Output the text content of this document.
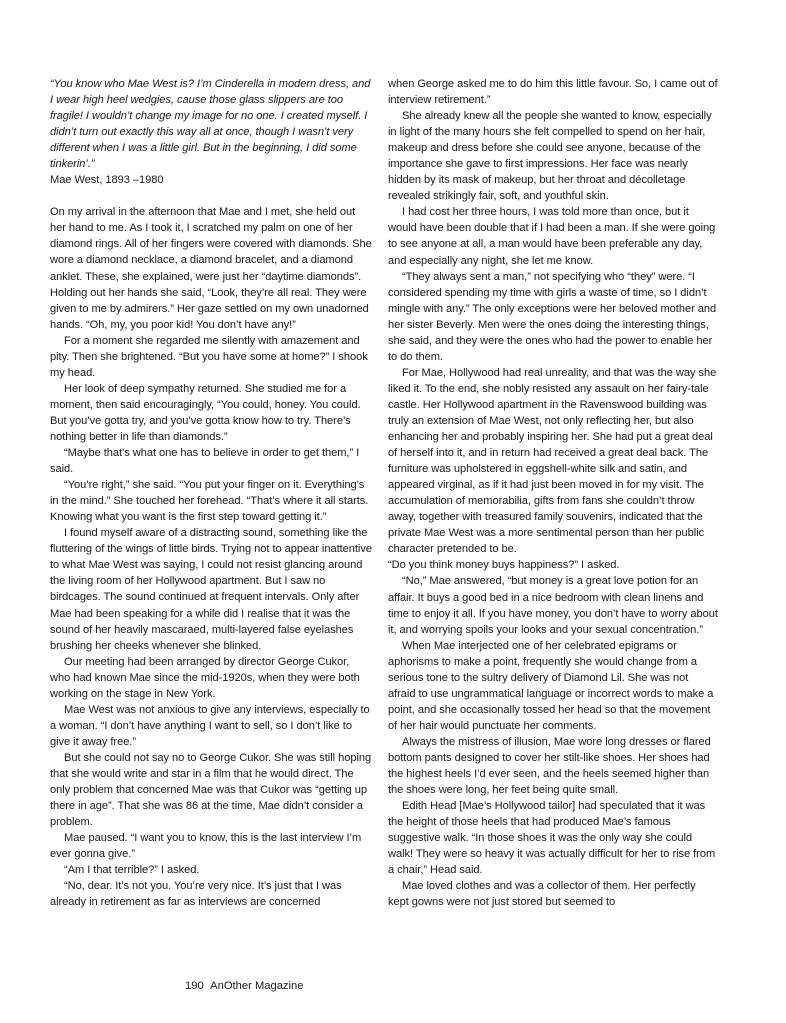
“You know who Mae West is? I’m Cinderella in modern dress, and I wear high heel wedgies, cause those glass slippers are too fragile! I wouldn’t change my image for no one. I created myself. I didn’t turn out exactly this way all at once, though I wasn’t very different when I was a little girl. But in the beginning, I did some tinkerin’.”

Mae West, 1893 –1980

On my arrival in the afternoon that Mae and I met, she held out her hand to me. As I took it, I scratched my palm on one of her diamond rings. All of her fingers were covered with diamonds. She wore a diamond necklace, a diamond bracelet, and a diamond anklet. These, she explained, were just her “daytime diamonds”. Holding out her hands she said, “Look, they’re all real. They were given to me by admirers.” Her gaze settled on my own unadorned hands. “Oh, my, you poor kid! You don’t have any!”

For a moment she regarded me silently with amazement and pity. Then she brightened. “But you have some at home?” I shook my head.

Her look of deep sympathy returned. She studied me for a moment, then said encouragingly, “You could, honey. You could. But you’ve gotta try, and you’ve gotta know how to try. There’s nothing better in life than diamonds.”

“Maybe that’s what one has to believe in order to get them,” I said.

“You’re right,” she said. “You put your finger on it. Everything’s in the mind.” She touched her forehead. “That’s where it all starts. Knowing what you want is the first step toward getting it.”

I found myself aware of a distracting sound, something like the fluttering of the wings of little birds. Trying not to appear inattentive to what Mae West was saying, I could not resist glancing around the living room of her Hollywood apartment. But I saw no birdcages. The sound continued at frequent intervals. Only after Mae had been speaking for a while did I realise that it was the sound of her heavily mascaraed, multi-layered false eyelashes brushing her cheeks whenever she blinked.

Our meeting had been arranged by director George Cukor, who had known Mae since the mid-1920s, when they were both working on the stage in New York.

Mae West was not anxious to give any interviews, especially to a woman. “I don’t have anything I want to sell, so I don’t like to give it away free.”

But she could not say no to George Cukor. She was still hoping that she would write and star in a film that he would direct. The only problem that concerned Mae was that Cukor was “getting up there in age”. That she was 86 at the time, Mae didn’t consider a problem.

Mae paused. “I want you to know, this is the last interview I’m ever gonna give.”

“Am I that terrible?” I asked.

“No, dear. It’s not you. You’re very nice. It’s just that I was already in retirement as far as interviews are concerned

when George asked me to do him this little favour. So, I came out of interview retirement.”

She already knew all the people she wanted to know, especially in light of the many hours she felt compelled to spend on her hair, makeup and dress before she could see anyone, because of the importance she gave to first impressions. Her face was nearly hidden by its mask of makeup, but her throat and décolletage revealed strikingly fair, soft, and youthful skin.

I had cost her three hours, I was told more than once, but it would have been double that if I had been a man. If she were going to see anyone at all, a man would have been preferable any day, and especially any night, she let me know.

“They always sent a man,” not specifying who “they” were. “I considered spending my time with girls a waste of time, so I didn’t mingle with any.” The only exceptions were her beloved mother and her sister Beverly. Men were the ones doing the interesting things, she said, and they were the ones who had the power to enable her to do them.

For Mae, Hollywood had real unreality, and that was the way she liked it. To the end, she nobly resisted any assault on her fairy-tale castle. Her Hollywood apartment in the Ravenswood building was truly an extension of Mae West, not only reflecting her, but also enhancing her and probably inspiring her. She had put a great deal of herself into it, and in return had received a great deal back. The furniture was upholstered in eggshell-white silk and satin, and appeared virginal, as if it had just been moved in for my visit. The accumulation of memorabilia, gifts from fans she couldn’t throw away, together with treasured family souvenirs, indicated that the private Mae West was a more sentimental person than her public character pretended to be.

“Do you think money buys happiness?” I asked.

“No,” Mae answered, “but money is a great love potion for an affair. It buys a good bed in a nice bedroom with clean linens and time to enjoy it all. If you have money, you don’t have to worry about it, and worrying spoils your looks and your sexual concentration.”

When Mae interjected one of her celebrated epigrams or aphorisms to make a point, frequently she would change from a serious tone to the sultry delivery of Diamond Lil. She was not afraid to use ungrammatical language or incorrect words to make a point, and she occasionally tossed her head so that the movement of her hair would punctuate her comments.

Always the mistress of illusion, Mae wore long dresses or flared bottom pants designed to cover her stilt-like shoes. Her shoes had the highest heels I’d ever seen, and the heels seemed higher than the shoes were long, her feet being quite small.

Edith Head [Mae’s Hollywood tailor] had speculated that it was the height of those heels that had produced Mae’s famous suggestive walk. “In those shoes it was the only way she could walk! They were so heavy it was actually difficult for her to rise from a chair,” Head said.

Mae loved clothes and was a collector of them. Her perfectly kept gowns were not just stored but seemed to

190 AnOther Magazine
